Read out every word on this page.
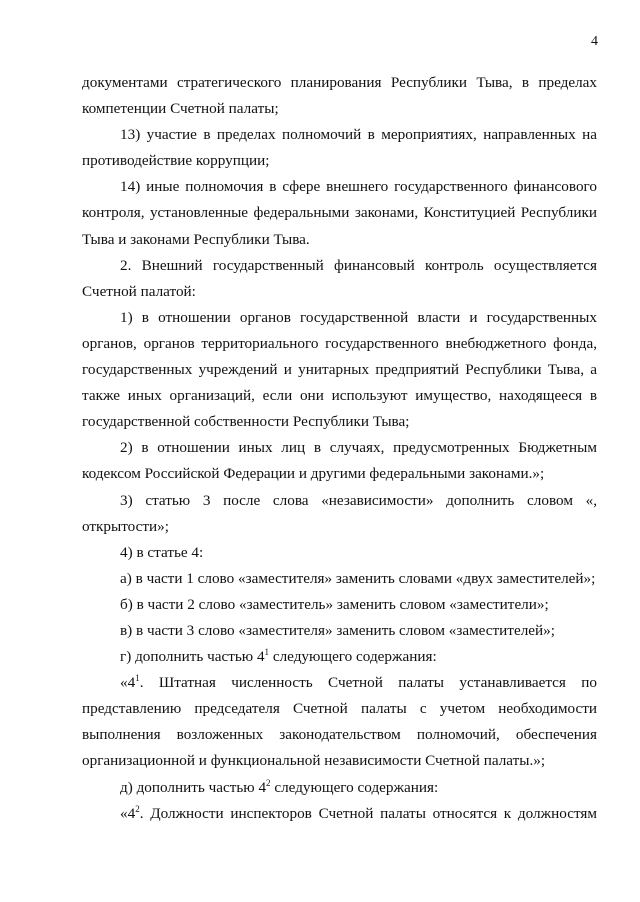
4

документами стратегического планирования Республики Тыва, в пределах компетенции Счетной палаты;

13) участие в пределах полномочий в мероприятиях, направленных на противодействие коррупции;

14) иные полномочия в сфере внешнего государственного финансового контроля, установленные федеральными законами, Конституцией Республики Тыва и законами Республики Тыва.

2. Внешний государственный финансовый контроль осуществляется Счетной палатой:

1) в отношении органов государственной власти и государственных органов, органов территориального государственного внебюджетного фонда, государственных учреждений и унитарных предприятий Республики Тыва, а также иных организаций, если они используют имущество, находящееся в государственной собственности Республики Тыва;

2) в отношении иных лиц в случаях, предусмотренных Бюджетным кодексом Российской Федерации и другими федеральными законами.»;

3) статью 3 после слова «независимости» дополнить словом «, открытости»;

4) в статье 4:

а) в части 1 слово «заместителя» заменить словами «двух заместителей»;

б) в части 2 слово «заместитель» заменить словом «заместители»;

в) в части 3 слово «заместителя» заменить словом «заместителей»;

г) дополнить частью $4^1$ следующего содержания:

«$4^1$. Штатная численность Счетной палаты устанавливается по представлению председателя Счетной палаты с учетом необходимости выполнения возложенных законодательством полномочий, обеспечения организационной и функциональной независимости Счетной палаты.»;

д) дополнить частью $4^2$ следующего содержания:

«$4^2$. Должности инспекторов Счетной палаты относятся к должностям
